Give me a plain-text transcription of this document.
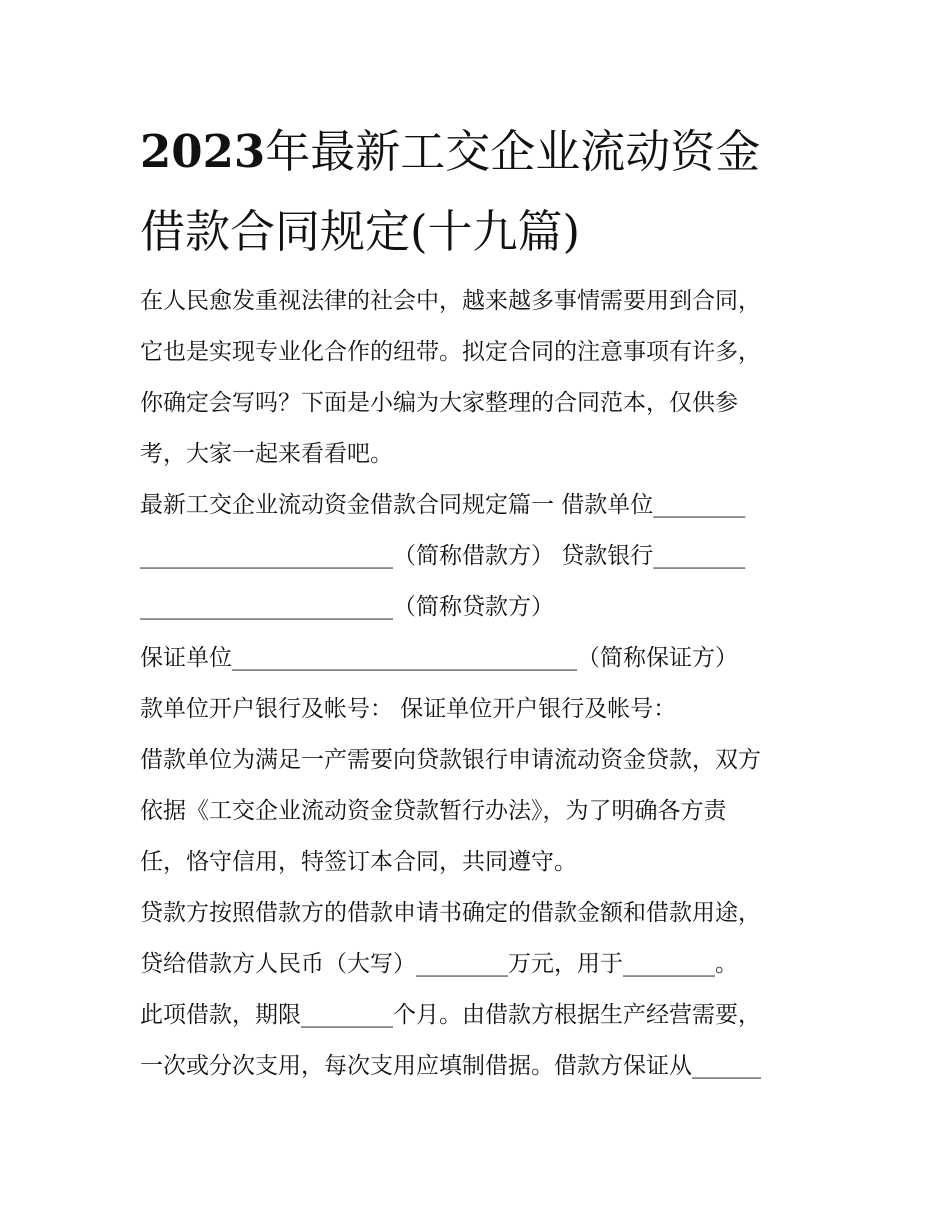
2023年最新工交企业流动资金
借款合同规定(十九篇)
在人民愈发重视法律的社会中，越来越多事情需要用到合同，
它也是实现专业化合作的纽带。拟定合同的注意事项有许多，
你确定会写吗？下面是小编为大家整理的合同范本，仅供参
考，大家一起来看看吧。
最新工交企业流动资金借款合同规定篇一 借款单位________
______________________（简称借款方） 贷款银行________
______________________（简称贷款方）
保证单位______________________________（简称保证方）
款单位开户银行及帐号： 保证单位开户银行及帐号：
借款单位为满足一产需要向贷款银行申请流动资金贷款，双方
依据《工交企业流动资金贷款暂行办法》，为了明确各方责
任，恪守信用，特签订本合同，共同遵守。
贷款方按照借款方的借款申请书确定的借款金额和借款用途，
贷给借款方人民币（大写）________万元，用于________。
此项借款，期限________个月。由借款方根据生产经营需要，
一次或分次支用，每次支用应填制借据。借款方保证从______
